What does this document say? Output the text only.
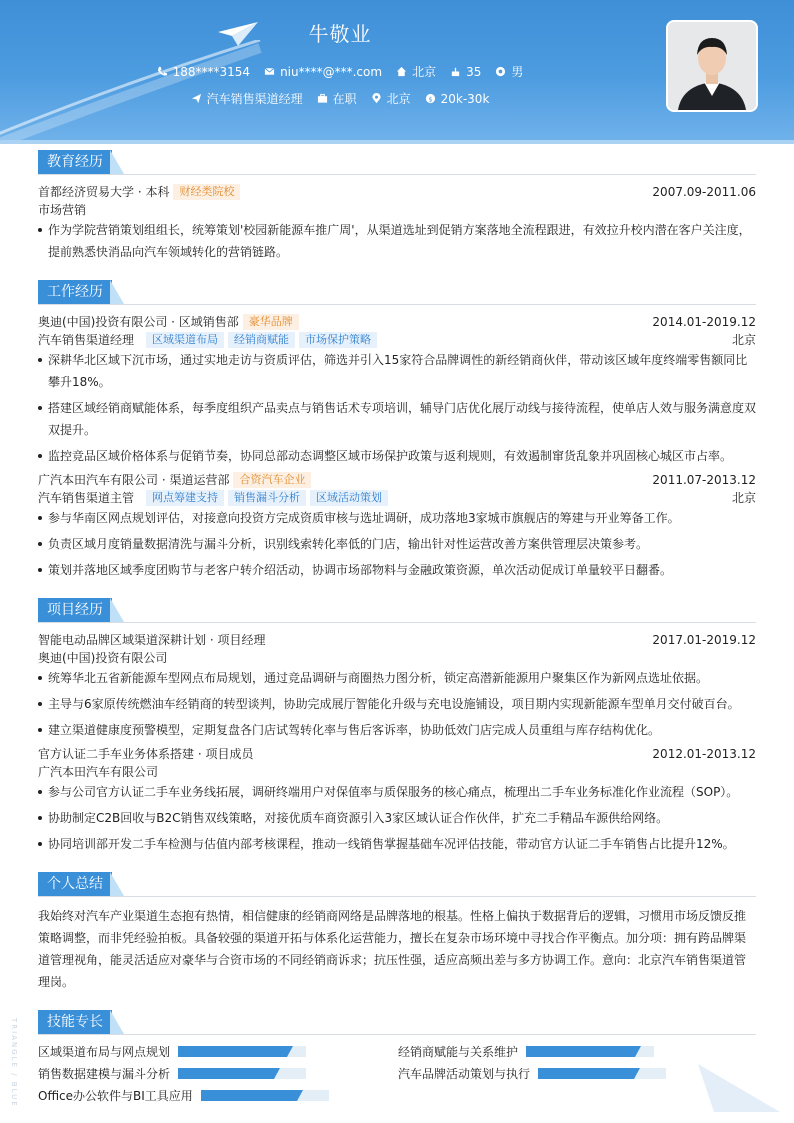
牛敬业
188****3154	niu****@***.com	北京	35	男
汽车销售渠道经理	在职	北京 $ 20k-30k
教育经历
首都经济贸易大学 · 本科 财经类院校	2007.09-2011.06
市场营销
作为学院营销策划组组长，统筹策划'校园新能源车推广周'，从渠道选址到促销方案落地全流程跟进，有效拉升校内潜在客户关注度，提前熟悉快消品向汽车领域转化的营销链路。
工作经历
奥迪(中国)投资有限公司 · 区域销售部 豪华品牌	2014.01-2019.12
汽车销售渠道经理	区域渠道布局	经销商赋能	市场保护策略	北京
深耕华北区域下沉市场，通过实地走访与资质评估，筛选并引入15家符合品牌调性的新经销商伙伴，带动该区域年度终端零售额同比攀升18%。
搭建区域经销商赋能体系，每季度组织产品卖点与销售话术专项培训，辅导门店优化展厅动线与接待流程，使单店人效与服务满意度双双提升。
监控竞品区域价格体系与促销节奏，协同总部动态调整区域市场保护政策与返利规则，有效遏制窜货乱象并巩固核心城区市占率。
广汽本田汽车有限公司 · 渠道运营部 合资汽车企业	2011.07-2013.12
汽车销售渠道主管	网点筹建支持	销售漏斗分析	区域活动策划	北京
参与华南区网点规划评估，对接意向投资方完成资质审核与选址调研，成功落地3家城市旗舰店的筹建与开业筹备工作。
负责区域月度销量数据清洗与漏斗分析，识别线索转化率低的门店，输出针对性运营改善方案供管理层决策参考。
策划并落地区域季度团购节与老客户转介绍活动，协调市场部物料与金融政策资源，单次活动促成订单量较平日翻番。
项目经历
智能电动品牌区域渠道深耕计划 · 项目经理	2017.01-2019.12
奥迪(中国)投资有限公司
统筹华北五省新能源车型网点布局规划，通过竞品调研与商圈热力图分析，锁定高潜新能源用户聚集区作为新网点选址依据。
主导与6家原传统燃油车经销商的转型谈判，协助完成展厅智能化升级与充电设施铺设，项目期内实现新能源车型单月交付破百台。
建立渠道健康度预警模型，定期复盘各门店试驾转化率与售后客诉率，协助低效门店完成人员重组与库存结构优化。
官方认证二手车业务体系搭建 · 项目成员	2012.01-2013.12
广汽本田汽车有限公司
参与公司官方认证二手车业务线拓展，调研终端用户对保值率与质保服务的核心痛点，梳理出二手车业务标准化作业流程（SOP）。
协助制定C2B回收与B2C销售双线策略，对接优质车商资源引入3家区域认证合作伙伴，扩充二手精品车源供给网络。
协同培训部开发二手车检测与估值内部考核课程，推动一线销售掌握基础车况评估技能，带动官方认证二手车销售占比提升12%。
个人总结
我始终对汽车产业渠道生态抱有热情，相信健康的经销商网络是品牌落地的根基。性格上偏执于数据背后的逻辑，习惯用市场反馈反推策略调整，而非凭经验拍板。具备较强的渠道开拓与体系化运营能力，擅长在复杂市场环境中寻找合作平衡点。加分项：拥有跨品牌渠道管理视角，能灵活适应对豪华与合资市场的不同经销商诉求；抗压性强，适应高频出差与多方协调工作。意向：北京汽车销售渠道管理岗。
技能专长
区域渠道布局与网点规划	经销商赋能与关系维护
销售数据建模与漏斗分析	汽车品牌活动策划与执行
Office办公软件与BI工具应用
TRIANGLE / BLUE
